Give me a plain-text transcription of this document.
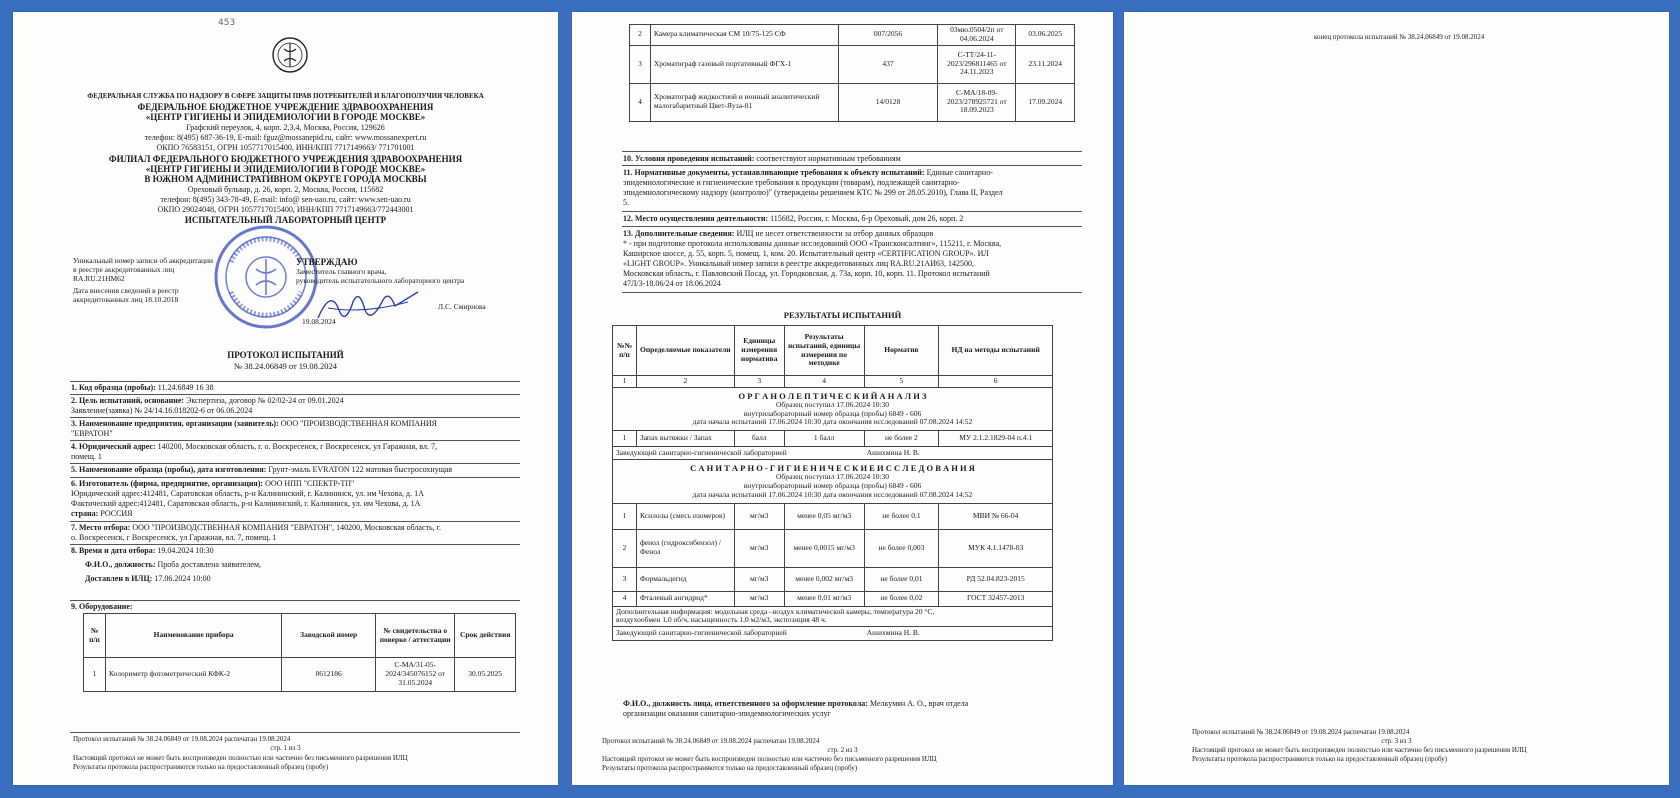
453
ФЕДЕРАЛЬНАЯ СЛУЖБА ПО НАДЗОРУ В СФЕРЕ ЗАЩИТЫ ПРАВ ПОТРЕБИТЕЛЕЙ И БЛАГОПОЛУЧИЯ ЧЕЛОВЕКА
ФЕДЕРАЛЬНОЕ БЮДЖЕТНОЕ УЧРЕЖДЕНИЕ ЗДРАВООХРАНЕНИЯ
«ЦЕНТР ГИГИЕНЫ И ЭПИДЕМИОЛОГИИ В ГОРОДЕ МОСКВЕ»
Графский переулок, 4, корп. 2,3,4, Москва, Россия, 129626
телефон: 8(495) 687-36-19, E-mail: fguz@mossanepid.ru, сайт: www.mossanexpert.ru
ОКПО 76583151, ОГРН 1057717015400, ИНН/КПП 7717149663/ 771701001
ФИЛИАЛ ФЕДЕРАЛЬНОГО БЮДЖЕТНОГО УЧРЕЖДЕНИЯ ЗДРАВООХРАНЕНИЯ
«ЦЕНТР ГИГИЕНЫ И ЭПИДЕМИОЛОГИИ В ГОРОДЕ МОСКВЕ»
В ЮЖНОМ АДМИНИСТРАТИВНОМ ОКРУГЕ ГОРОДА МОСКВЫ
Ореховый бульвар, д. 26, корп. 2, Москва, Россия, 115682
телефон: 8(495) 343-78-49, E-mail: info@ sen-uao.ru, сайт: www.sen-uao.ru
ОКПО 29024048, ОГРН 1057717015400, ИНН/КПП 7717149663/772443001
ИСПЫТАТЕЛЬНЫЙ ЛАБОРАТОРНЫЙ ЦЕНТР
Уникальный номер записи об аккредитации
в реестре аккредитованных лиц
RA.RU.21HM62
Дата внесения сведений в реестр
аккредитованных лиц 18.10.2018
УТВЕРЖДАЮ
Заместитель главного врача,
руководитель испытательного лабораторного центра
Л.С. Смирнова
19.08.2024
ПРОТОКОЛ ИСПЫТАНИЙ
№ 38.24.06849 от 19.08.2024
1. Код образца (пробы): 11.24.6849 16 38
2. Цель испытаний, основание: Экспертиза, договор № 02/02-24 от 09.01.2024
Заявление(заявка) № 24/14.16.018202-6 от 06.06.2024
3. Наименование предприятия, организации (заявитель): ООО "ПРОИЗВОДСТВЕННАЯ КОМПАНИЯ
"ЕВРАТОН"
4. Юридический адрес: 140200, Московская область, г. о. Воскресенск, г Воскресенск, ул Гаражная, вл. 7,
помещ. 1
5. Наименование образца (пробы), дата изготовления: Грунт-эмаль EVRATON 122 матовая быстросохнущая
6. Изготовитель (фирма, предприятие, организация): ООО НПП "СПЕКТР-ТП"
Юридический адрес:412481, Саратовская область, р-н Калининский, г. Калининск, ул. им Чехова, д. 1А
Фактический адрес:412481, Саратовская область, р-н Калининский, г. Калининск, ул. им Чехова, д. 1А
страна: РОССИЯ
7. Место отбора: ООО "ПРОИЗВОДСТВЕННАЯ КОМПАНИЯ "ЕВРАТОН", 140200, Московская область, г.
о. Воскресенск, г Воскресенск, ул Гаражная, вл. 7, помещ. 1
8. Время и дата отбора: 19.04.2024 10:30
Ф.И.О., должность: Проба доставлена заявителем,
Доставлен в ИЛЦ: 17.06.2024 10:00
9. Оборудование:
№ п/п	Наименование прибора	Заводской номер	№ свидетельства о поверке / аттестации	Срок действия
1	Колориметр фотометрический КФК-2	8612186	С-МА/31-05-2024/345076152 от 31.05.2024	30.05.2025
Протокол испытаний № 38.24.06849 от 19.08.2024 распечатан 19.08.2024
стр. 1 из 3
Настоящий протокол не может быть воспроизведен полностью или частично без письменного разрешения ИЛЦ
Результаты протокола распространяются только на предоставленный образец (пробу)
2	Камера климатическая СМ 10/75-125 СФ	007/2056	03мю.0504/2п от 04.06.2024	03.06.2025
3	Хроматограф газовый портативный ФГХ-1	437	С-ТТ/24-11-2023/296811465 от 24.11.2023	23.11.2024
4	Хроматограф жидкостной и ионный аналитический малогабаритный Цвет-Яуза-01	14/0128	С-МА/18-09-2023/278925721 от 18.09.2023	17.09.2024
10. Условия проведения испытаний: соответствуют нормативным требованиям
11. Нормативные документы, устанавливающие требования к объекту испытаний: Единые санитарно-
эпидемиологические и гигиенические требования к продукции (товарам), подлежащей санитарно-
эпидемиологическому надзору (контролю)" (утверждены решением КТС № 299 от 28.05.2010), Глава II, Раздел
5.
12. Место осуществления деятельности: 115682, Россия, г. Москва, б-р Ореховый, дом 26, корп. 2
13. Дополнительные сведения: ИЛЦ не несет ответственности за отбор данных образцов
* - при подготовке протокола использованы данные исследований ООО «Трансконсалтинг», 115211, г. Москва,
Каширское шоссе, д. 55, корп. 5, помещ. 1, ком. 20. Испытательный центр «CERTIFICATION GROUP». ИЛ
«LIGHT GROUP». Уникальный номер записи в реестре аккредитованных лиц RA.RU.21АИ63, 142500,
Московская область, г. Павловский Посад, ул. Городковская, д. 73а, корп. 10, корп. 11. Протокол испытаний
47Л/3-18.06/24 от 18.06.2024
РЕЗУЛЬТАТЫ ИСПЫТАНИЙ
№№ п/п	Определяемые показатели	Единицы измерения норматива	Результаты испытаний, единицы измерения по методике	Норматив	НД на методы испытаний
1	2	3	4	5	6

О Р Г А Н О Л Е П Т И Ч Е С К И Й А Н А Л И З
Образец поступил 17.06.2024 10:30
внутрилабораторный номер образца (пробы) 6849 - 606
дата начала испытаний 17.06.2024 10:30 дата окончания исследований 07.08.2024 14:52					

1	Запах вытяжки / Запах	балл	1 балл	не более 2	МУ 2.1.2.1829-04 п.4.1
Заведующий санитарно-гигиенической лабораторией Ашихмина Н. В.					

С А Н И Т А Р Н О - Г И Г И Е Н И Ч Е С К И Е И С С Л Е Д О В А Н И Я
Образец поступил 17.06.2024 10:30
внутрилабораторный номер образца (пробы) 6849 - 606
дата начала испытаний 17.06.2024 10:30 дата окончания исследований 07.08.2024 14:52					

1	Ксилолы (смесь изомеров)	мг/м3	менее 0,05 мг/м3	не более 0,1	МВИ № 66-04
2	фенол (гидроксибензол) / Фенол	мг/м3	менее 0,0015 мг/м3	не более 0,003	МУК 4.1.1478-03
3	Формальдегид	мг/м3	менее 0,002 мг/м3	не более 0,01	РД 52.04.823-2015
4	Фталевый ангидрид*	мг/м3	менее 0,01 мг/м3	не более 0,02	ГОСТ 32457-2013

Дополнительная информация: модельная среда –воздух климатической камеры, температура 20 °С,
воздухообмен 1,0 об/ч, насыщенность 1,0 м2/м3, экспозиция 48 ч.					

Заведующий санитарно-гигиенической лабораторией Ашихмина Н. В.					
Ф.И.О., должность лица, ответственного за оформление протокола: Мелкумян А. О., врач отдела
организации оказания санитарно-эпидемиологических услуг
Протокол испытаний № 38.24.06849 от 19.08.2024 распечатан 19.08.2024
стр. 2 из 3
Настоящий протокол не может быть воспроизведен полностью или частично без письменного разрешения ИЛЦ
Результаты протокола распространяются только на предоставленный образец (пробу)
конец протокола испытаний № 38.24.06849 от 19.08.2024
Протокол испытаний № 38.24.06849 от 19.08.2024 распечатан 19.08.2024
стр. 3 из 3
Настоящий протокол не может быть воспроизведен полностью или частично без письменного разрешения ИЛЦ
Результаты протокола распространяются только на предоставленный образец (пробу)
